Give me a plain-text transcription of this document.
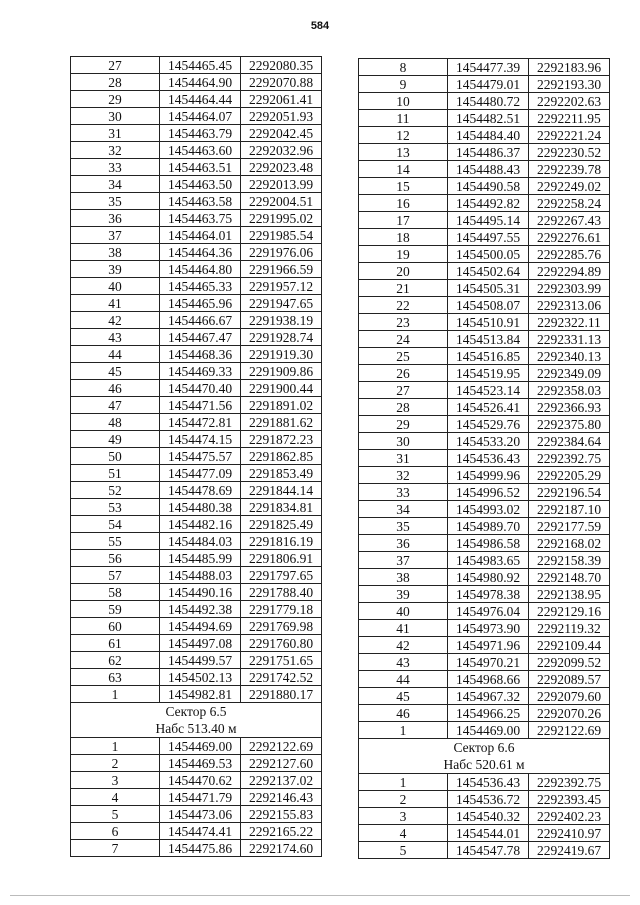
584
27	1454465.45	2292080.35
28	1454464.90	2292070.88
29	1454464.44	2292061.41
30	1454464.07	2292051.93
31	1454463.79	2292042.45
32	1454463.60	2292032.96
33	1454463.51	2292023.48
34	1454463.50	2292013.99
35	1454463.58	2292004.51
36	1454463.75	2291995.02
37	1454464.01	2291985.54
38	1454464.36	2291976.06
39	1454464.80	2291966.59
40	1454465.33	2291957.12
41	1454465.96	2291947.65
42	1454466.67	2291938.19
43	1454467.47	2291928.74
44	1454468.36	2291919.30
45	1454469.33	2291909.86
46	1454470.40	2291900.44
47	1454471.56	2291891.02
48	1454472.81	2291881.62
49	1454474.15	2291872.23
50	1454475.57	2291862.85
51	1454477.09	2291853.49
52	1454478.69	2291844.14
53	1454480.38	2291834.81
54	1454482.16	2291825.49
55	1454484.03	2291816.19
56	1454485.99	2291806.91
57	1454488.03	2291797.65
58	1454490.16	2291788.40
59	1454492.38	2291779.18
60	1454494.69	2291769.98
61	1454497.08	2291760.80
62	1454499.57	2291751.65
63	1454502.13	2291742.52
1	1454982.81	2291880.17

Сектор 6.5
Набс 513.40 м		

1	1454469.00	2292122.69
2	1454469.53	2292127.60
3	1454470.62	2292137.02
4	1454471.79	2292146.43
5	1454473.06	2292155.83
6	1454474.41	2292165.22
7	1454475.86	2292174.60
8	1454477.39	2292183.96
9	1454479.01	2292193.30
10	1454480.72	2292202.63
11	1454482.51	2292211.95
12	1454484.40	2292221.24
13	1454486.37	2292230.52
14	1454488.43	2292239.78
15	1454490.58	2292249.02
16	1454492.82	2292258.24
17	1454495.14	2292267.43
18	1454497.55	2292276.61
19	1454500.05	2292285.76
20	1454502.64	2292294.89
21	1454505.31	2292303.99
22	1454508.07	2292313.06
23	1454510.91	2292322.11
24	1454513.84	2292331.13
25	1454516.85	2292340.13
26	1454519.95	2292349.09
27	1454523.14	2292358.03
28	1454526.41	2292366.93
29	1454529.76	2292375.80
30	1454533.20	2292384.64
31	1454536.43	2292392.75
32	1454999.96	2292205.29
33	1454996.52	2292196.54
34	1454993.02	2292187.10
35	1454989.70	2292177.59
36	1454986.58	2292168.02
37	1454983.65	2292158.39
38	1454980.92	2292148.70
39	1454978.38	2292138.95
40	1454976.04	2292129.16
41	1454973.90	2292119.32
42	1454971.96	2292109.44
43	1454970.21	2292099.52
44	1454968.66	2292089.57
45	1454967.32	2292079.60
46	1454966.25	2292070.26
1	1454469.00	2292122.69

Сектор 6.6
Набс 520.61 м		

1	1454536.43	2292392.75
2	1454536.72	2292393.45
3	1454540.32	2292402.23
4	1454544.01	2292410.97
5	1454547.78	2292419.67
